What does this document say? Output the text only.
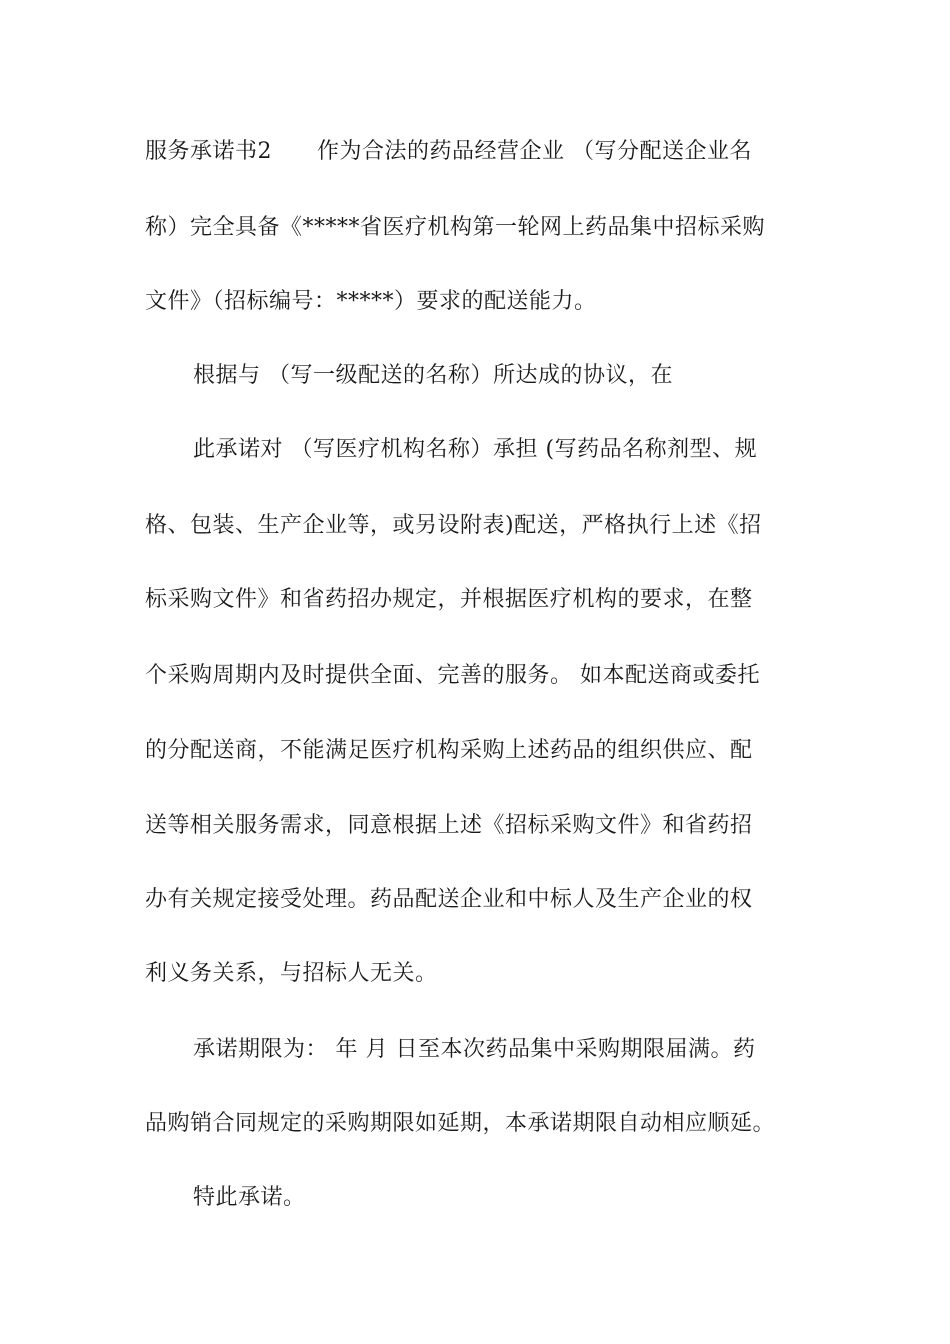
服务承诺书2　　作为合法的药品经营企业 （写分配送企业名
称）完全具备《*****省医疗机构第一轮网上药品集中招标采购
文件》（招标编号：*****）要求的配送能力。
根据与 （写一级配送的名称）所达成的协议，在
此承诺对 （写医疗机构名称）承担 (写药品名称剂型、规
格、包装、生产企业等，或另设附表)配送，严格执行上述《招
标采购文件》和省药招办规定，并根据医疗机构的要求，在整
个采购周期内及时提供全面、完善的服务。 如本配送商或委托
的分配送商，不能满足医疗机构采购上述药品的组织供应、配
送等相关服务需求，同意根据上述《招标采购文件》和省药招
办有关规定接受处理。药品配送企业和中标人及生产企业的权
利义务关系，与招标人无关。
承诺期限为： 年 月 日至本次药品集中采购期限届满。药
品购销合同规定的采购期限如延期，本承诺期限自动相应顺延。
特此承诺。
